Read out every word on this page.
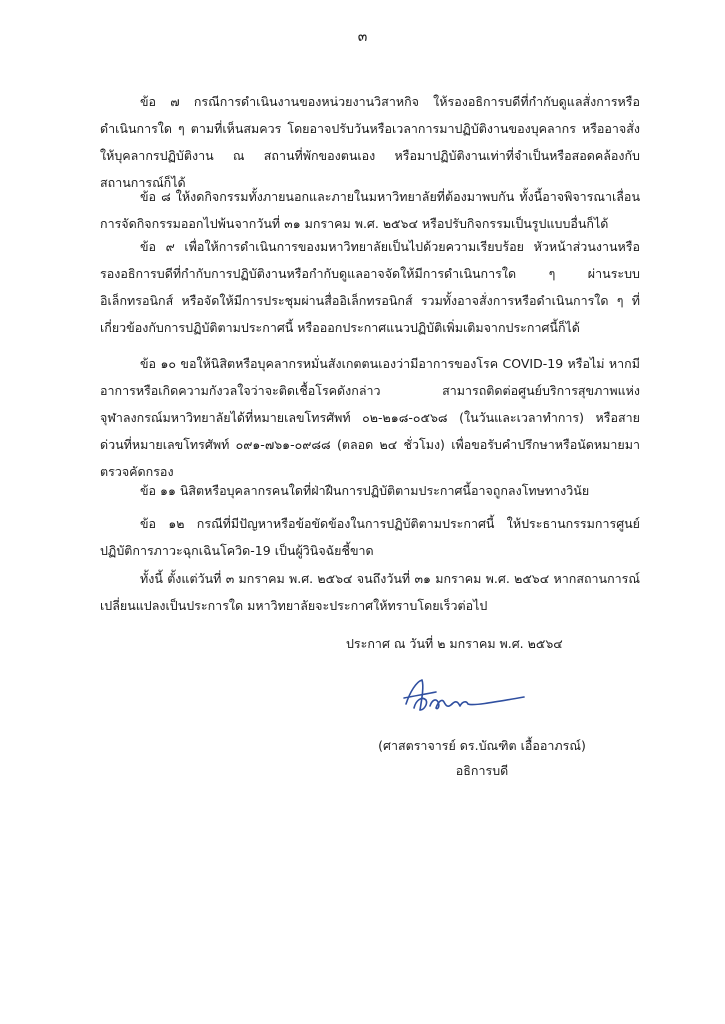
๓

ข้อ ๗ กรณีการดำเนินงานของหน่วยงานวิสาหกิจ ให้รองอธิการบดีที่กำกับดูแลสั่งการหรือดำเนินการใด ๆ ตามที่เห็นสมควร โดยอาจปรับวันหรือเวลาการมาปฏิบัติงานของบุคลากร หรืออาจสั่งให้บุคลากรปฏิบัติงาน ณ สถานที่พักของตนเอง หรือมาปฏิบัติงานเท่าที่จำเป็นหรือสอดคล้องกับสถานการณ์ก็ได้

ข้อ ๘ ให้งดกิจกรรมทั้งภายนอกและภายในมหาวิทยาลัยที่ต้องมาพบกัน ทั้งนี้อาจพิจารณาเลื่อนการจัดกิจกรรมออกไปพ้นจากวันที่ ๓๑ มกราคม พ.ศ. ๒๕๖๔ หรือปรับกิจกรรมเป็นรูปแบบอื่นก็ได้

ข้อ ๙ เพื่อให้การดำเนินการของมหาวิทยาลัยเป็นไปด้วยความเรียบร้อย หัวหน้าส่วนงานหรือรองอธิการบดีที่กำกับการปฏิบัติงานหรือกำกับดูแลอาจจัดให้มีการดำเนินการใด ๆ ผ่านระบบอิเล็กทรอนิกส์ หรือจัดให้มีการประชุมผ่านสื่ออิเล็กทรอนิกส์ รวมทั้งอาจสั่งการหรือดำเนินการใด ๆ ที่เกี่ยวข้องกับการปฏิบัติตามประกาศนี้ หรือออกประกาศแนวปฏิบัติเพิ่มเติมจากประกาศนี้ก็ได้

ข้อ ๑๐ ขอให้นิสิตหรือบุคลากรหมั่นสังเกตตนเองว่ามีอาการของโรค COVID-19 หรือไม่ หากมีอาการหรือเกิดความกังวลใจว่าจะติดเชื้อโรคดังกล่าว สามารถติดต่อศูนย์บริการสุขภาพแห่งจุฬาลงกรณ์มหาวิทยาลัยได้ที่หมายเลขโทรศัพท์ ๐๒-๒๑๘-๐๕๖๘ (ในวันและเวลาทำการ) หรือสายด่วนที่หมายเลขโทรศัพท์ ๐๙๑-๗๖๑-๐๙๘๘ (ตลอด ๒๔ ชั่วโมง) เพื่อขอรับคำปรึกษาหรือนัดหมายมาตรวจคัดกรอง

ข้อ ๑๑ นิสิตหรือบุคลากรคนใดที่ฝ่าฝืนการปฏิบัติตามประกาศนี้อาจถูกลงโทษทางวินัย

ข้อ ๑๒ กรณีที่มีปัญหาหรือข้อขัดข้องในการปฏิบัติตามประกาศนี้ ให้ประธานกรรมการศูนย์ปฏิบัติการภาวะฉุกเฉินโควิด-19 เป็นผู้วินิจฉัยชี้ขาด

ทั้งนี้ ตั้งแต่วันที่ ๓ มกราคม พ.ศ. ๒๕๖๔ จนถึงวันที่ ๓๑ มกราคม พ.ศ. ๒๕๖๔ หากสถานการณ์เปลี่ยนแปลงเป็นประการใด มหาวิทยาลัยจะประกาศให้ทราบโดยเร็วต่อไป

ประกาศ ณ วันที่ ๒ มกราคม พ.ศ. ๒๕๖๔
(ศาสตราจารย์ ดร.บัณฑิต เอื้ออาภรณ์)
อธิการบดี
